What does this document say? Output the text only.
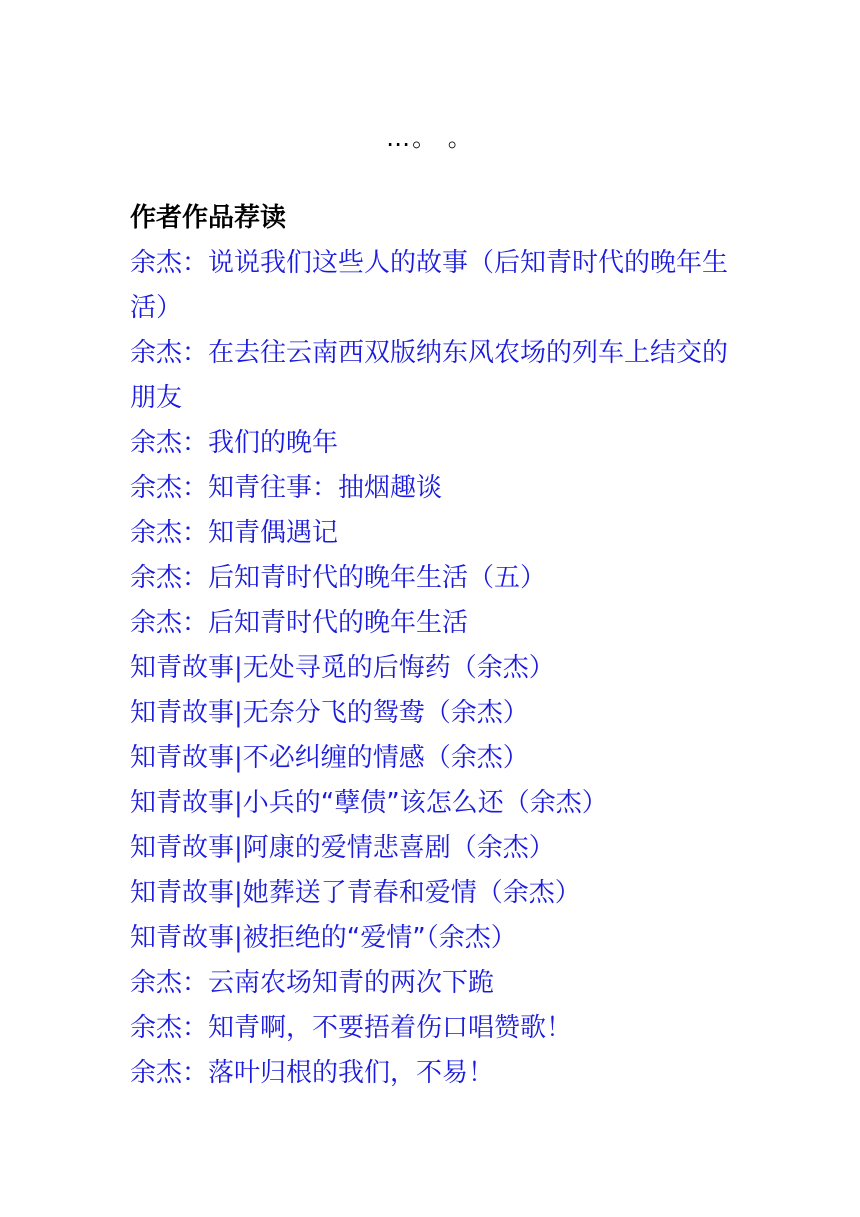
…。 。
作者作品荐读
余杰：说说我们这些人的故事（后知青时代的晚年生活）
余杰：在去往云南西双版纳东风农场的列车上结交的朋友
余杰：我们的晚年
余杰：知青往事：抽烟趣谈
余杰：知青偶遇记
余杰：后知青时代的晚年生活（五）
余杰：后知青时代的晚年生活
知青故事|无处寻觅的后悔药（余杰）
知青故事|无奈分飞的鸳鸯（余杰）
知青故事|不必纠缠的情感（余杰）
知青故事|小兵的“孽债”该怎么还（余杰）
知青故事|阿康的爱情悲喜剧（余杰）
知青故事|她葬送了青春和爱情（余杰）
知青故事|被拒绝的“爱情”（余杰）
余杰：云南农场知青的两次下跪
余杰：知青啊，不要捂着伤口唱赞歌！
余杰：落叶归根的我们，不易！
